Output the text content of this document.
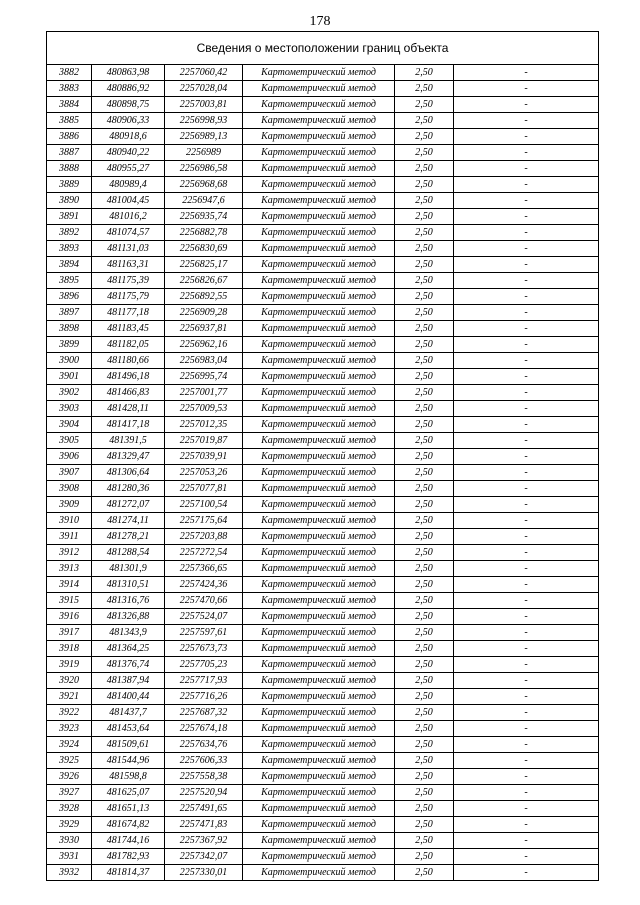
178
Сведения о местоположении границ объекта					
3882	480863,98	2257060,42	Картометрический метод	2,50	-
3883	480886,92	2257028,04	Картометрический метод	2,50	-
3884	480898,75	2257003,81	Картометрический метод	2,50	-
3885	480906,33	2256998,93	Картометрический метод	2,50	-
3886	480918,6	2256989,13	Картометрический метод	2,50	-
3887	480940,22	2256989	Картометрический метод	2,50	-
3888	480955,27	2256986,58	Картометрический метод	2,50	-
3889	480989,4	2256968,68	Картометрический метод	2,50	-
3890	481004,45	2256947,6	Картометрический метод	2,50	-
3891	481016,2	2256935,74	Картометрический метод	2,50	-
3892	481074,57	2256882,78	Картометрический метод	2,50	-
3893	481131,03	2256830,69	Картометрический метод	2,50	-
3894	481163,31	2256825,17	Картометрический метод	2,50	-
3895	481175,39	2256826,67	Картометрический метод	2,50	-
3896	481175,79	2256892,55	Картометрический метод	2,50	-
3897	481177,18	2256909,28	Картометрический метод	2,50	-
3898	481183,45	2256937,81	Картометрический метод	2,50	-
3899	481182,05	2256962,16	Картометрический метод	2,50	-
3900	481180,66	2256983,04	Картометрический метод	2,50	-
3901	481496,18	2256995,74	Картометрический метод	2,50	-
3902	481466,83	2257001,77	Картометрический метод	2,50	-
3903	481428,11	2257009,53	Картометрический метод	2,50	-
3904	481417,18	2257012,35	Картометрический метод	2,50	-
3905	481391,5	2257019,87	Картометрический метод	2,50	-
3906	481329,47	2257039,91	Картометрический метод	2,50	-
3907	481306,64	2257053,26	Картометрический метод	2,50	-
3908	481280,36	2257077,81	Картометрический метод	2,50	-
3909	481272,07	2257100,54	Картометрический метод	2,50	-
3910	481274,11	2257175,64	Картометрический метод	2,50	-
3911	481278,21	2257203,88	Картометрический метод	2,50	-
3912	481288,54	2257272,54	Картометрический метод	2,50	-
3913	481301,9	2257366,65	Картометрический метод	2,50	-
3914	481310,51	2257424,36	Картометрический метод	2,50	-
3915	481316,76	2257470,66	Картометрический метод	2,50	-
3916	481326,88	2257524,07	Картометрический метод	2,50	-
3917	481343,9	2257597,61	Картометрический метод	2,50	-
3918	481364,25	2257673,73	Картометрический метод	2,50	-
3919	481376,74	2257705,23	Картометрический метод	2,50	-
3920	481387,94	2257717,93	Картометрический метод	2,50	-
3921	481400,44	2257716,26	Картометрический метод	2,50	-
3922	481437,7	2257687,32	Картометрический метод	2,50	-
3923	481453,64	2257674,18	Картометрический метод	2,50	-
3924	481509,61	2257634,76	Картометрический метод	2,50	-
3925	481544,96	2257606,33	Картометрический метод	2,50	-
3926	481598,8	2257558,38	Картометрический метод	2,50	-
3927	481625,07	2257520,94	Картометрический метод	2,50	-
3928	481651,13	2257491,65	Картометрический метод	2,50	-
3929	481674,82	2257471,83	Картометрический метод	2,50	-
3930	481744,16	2257367,92	Картометрический метод	2,50	-
3931	481782,93	2257342,07	Картометрический метод	2,50	-
3932	481814,37	2257330,01	Картометрический метод	2,50	-
